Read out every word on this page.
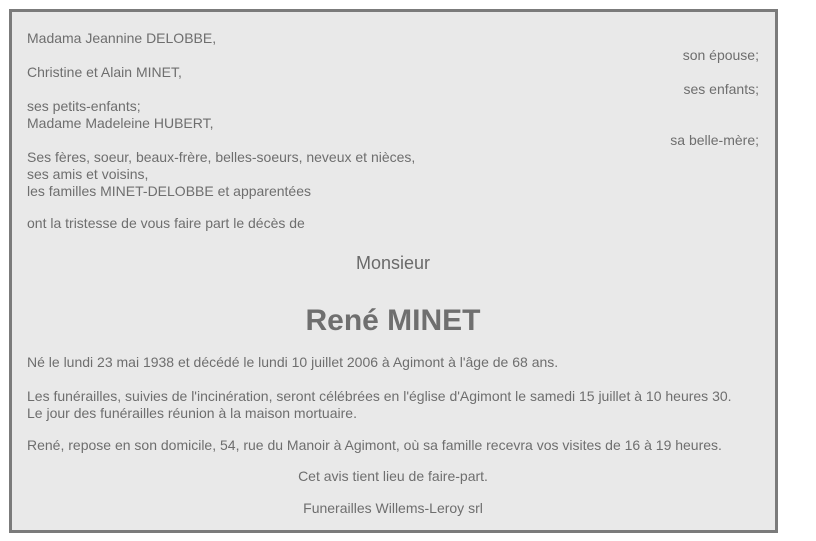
Madama Jeannine DELOBBE,
son épouse;
Christine et Alain MINET,
ses enfants;
ses petits-enfants;
Madame Madeleine HUBERT,
sa belle-mère;
Ses fères, soeur, beaux-frère, belles-soeurs, neveux et nièces,
ses amis et voisins,
les familles MINET-DELOBBE et apparentées
ont la tristesse de vous faire part le décès de
Monsieur
René MINET
Né le lundi 23 mai 1938 et décédé le lundi 10 juillet 2006 à Agimont à l'âge de 68 ans.
Les funérailles, suivies de l'incinération, seront célébrées en l'église d'Agimont le samedi 15 juillet à 10 heures 30.
Le jour des funérailles réunion à la maison mortuaire.
René, repose en son domicile, 54, rue du Manoir à Agimont, où sa famille recevra vos visites de 16 à 19 heures.
Cet avis tient lieu de faire-part.
Funerailles Willems-Leroy srl
